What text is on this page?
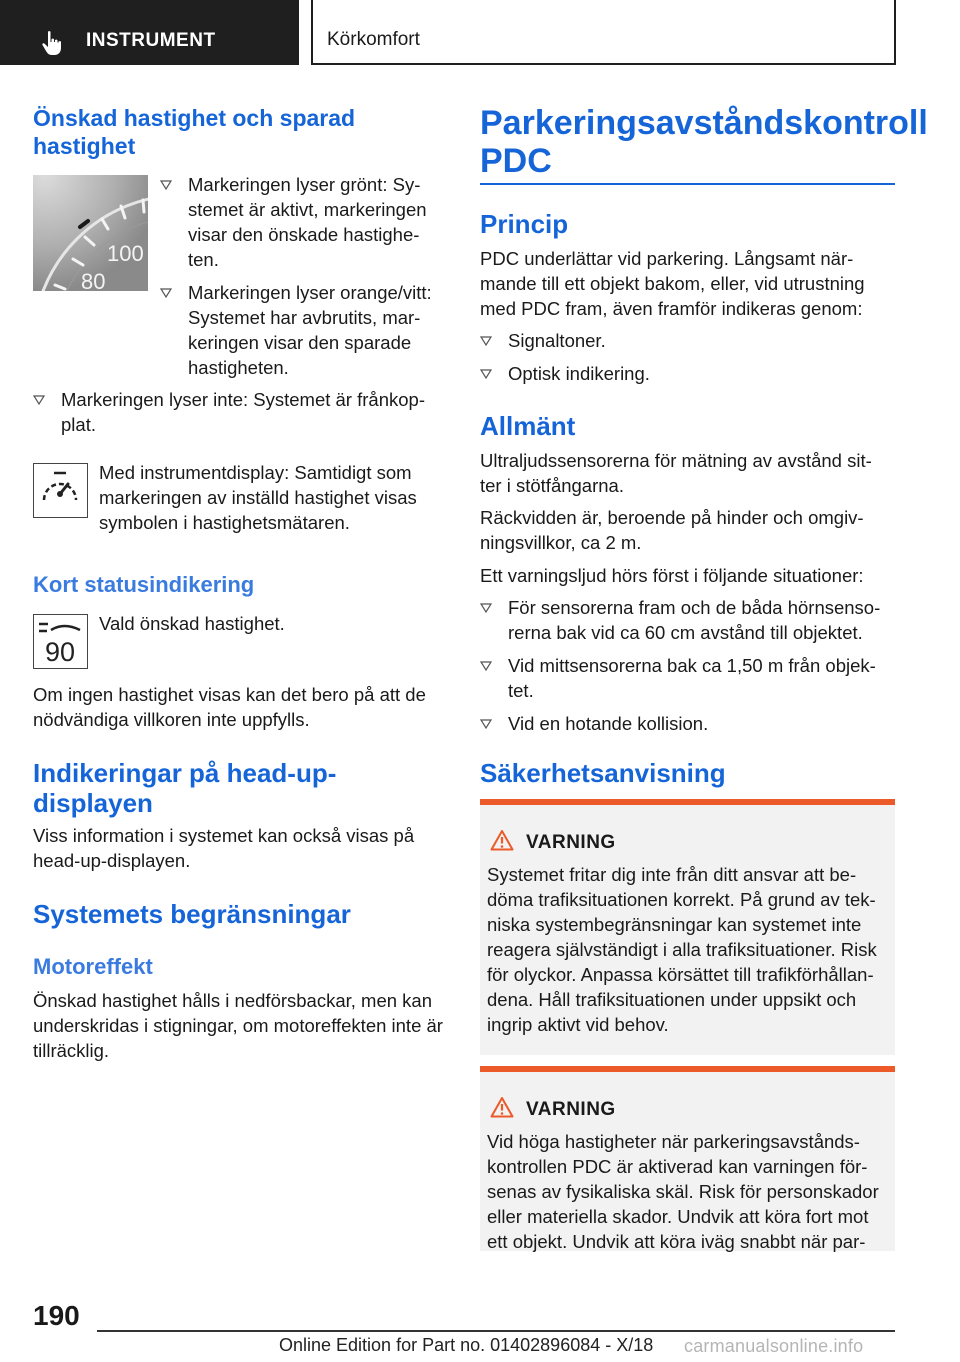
INSTRUMENT	Körkomfort
Önskad hastighet och sparad hastighet
100
80
Markeringen lyser grönt: Sy-stemet är aktivt, markeringen visar den önskade hastighe-ten.
Markeringen lyser orange/vitt: Systemet har avbrutits, mar-keringen visar den sparade hastigheten.
Markeringen lyser inte: Systemet är frånkop-plat.
Med instrumentdisplay: Samtidigt som markeringen av inställd hastighet visas symbolen i hastighetsmätaren.
Kort statusindikering
90
Vald önskad hastighet.
Om ingen hastighet visas kan det bero på att de nödvändiga villkoren inte uppfylls.
Indikeringar på head-up-displayen
Viss information i systemet kan också visas på head-up-displayen.
Systemets begränsningar
Motoreffekt
Önskad hastighet hålls i nedförsbackar, men kan underskridas i stigningar, om motoreffekten inte är tillräcklig.
Parkeringsavståndskontroll PDC
Princip
PDC underlättar vid parkering. Långsamt när-mande till ett objekt bakom, eller, vid utrustning med PDC fram, även framför indikeras genom:
Signaltoner.
Optisk indikering.
Allmänt
Ultraljudssensorerna för mätning av avstånd sit-ter i stötfångarna.
Räckvidden är, beroende på hinder och omgiv-ningsvillkor, ca 2 m.
Ett varningsljud hörs först i följande situationer:
För sensorerna fram och de båda hörnsenso-rerna bak vid ca 60 cm avstånd till objektet.
Vid mittsensorerna bak ca 1,50 m från objek-tet.
Vid en hotande kollision.
Säkerhetsanvisning
VARNING
Systemet fritar dig inte från ditt ansvar att be-döma trafiksituationen korrekt. På grund av tek-niska systembegränsningar kan systemet inte reagera självständigt i alla trafiksituationer. Risk för olyckor. Anpassa körsättet till trafikförhållan-dena. Håll trafiksituationen under uppsikt och ingrip aktivt vid behov.
VARNING
Vid höga hastigheter när parkeringsavstånds-kontrollen PDC är aktiverad kan varningen för-senas av fysikaliska skäl. Risk för personskador eller materiella skador. Undvik att köra fort mot ett objekt. Undvik att köra iväg snabbt när par-
190
Online Edition for Part no. 01402896084 - X/18 carmanualsonline.info
